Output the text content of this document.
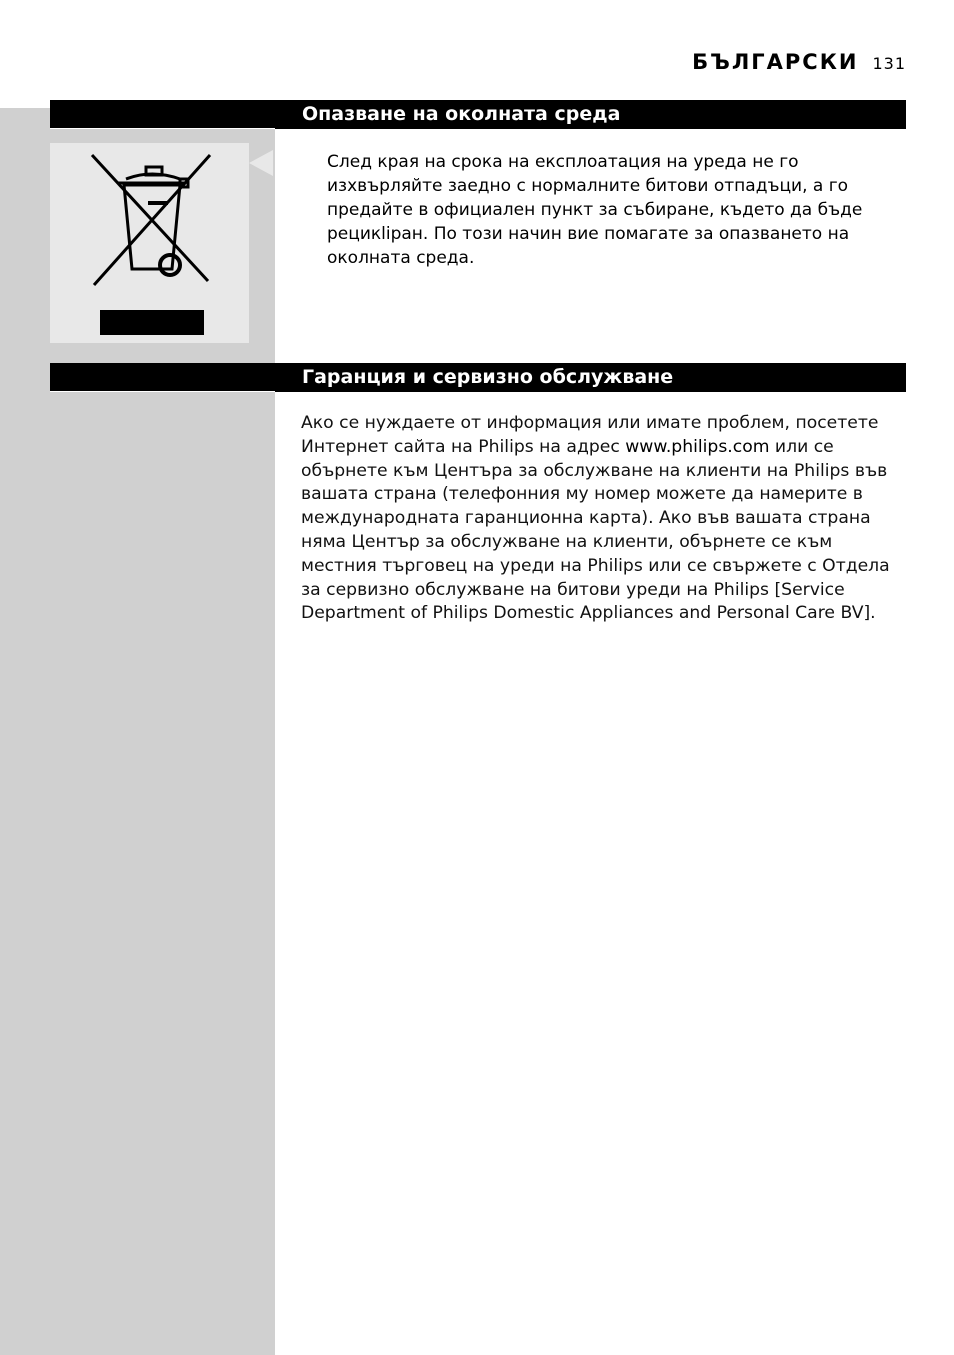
БЪЛГАРСКИ 131
Опазване на околната среда

След края на срока на експлоатация на уреда не го изхвърляйте заедно с нормалните битови отпадъци, а го предайте в официален пункт за събиране, където да бъде рецикliран. По този начин вие помагате за опазването на околната среда.

Гаранция и сервизно обслужване

Ако се нуждаете от информация или имате проблем, посетете Интернет сайта на Philips на адрес www.philips.com или се обърнете към Центъра за обслужване на клиенти на Philips във вашата страна (телефонния му номер можете да намерите в международната гаранционна карта). Ако във вашата страна няма Център за обслужване на клиенти, обърнете се към местния търговец на уреди на Philips или се свържете с Отдела за сервизно обслужване на битови уреди на Philips [Service Department of Philips Domestic Appliances and Personal Care BV].
